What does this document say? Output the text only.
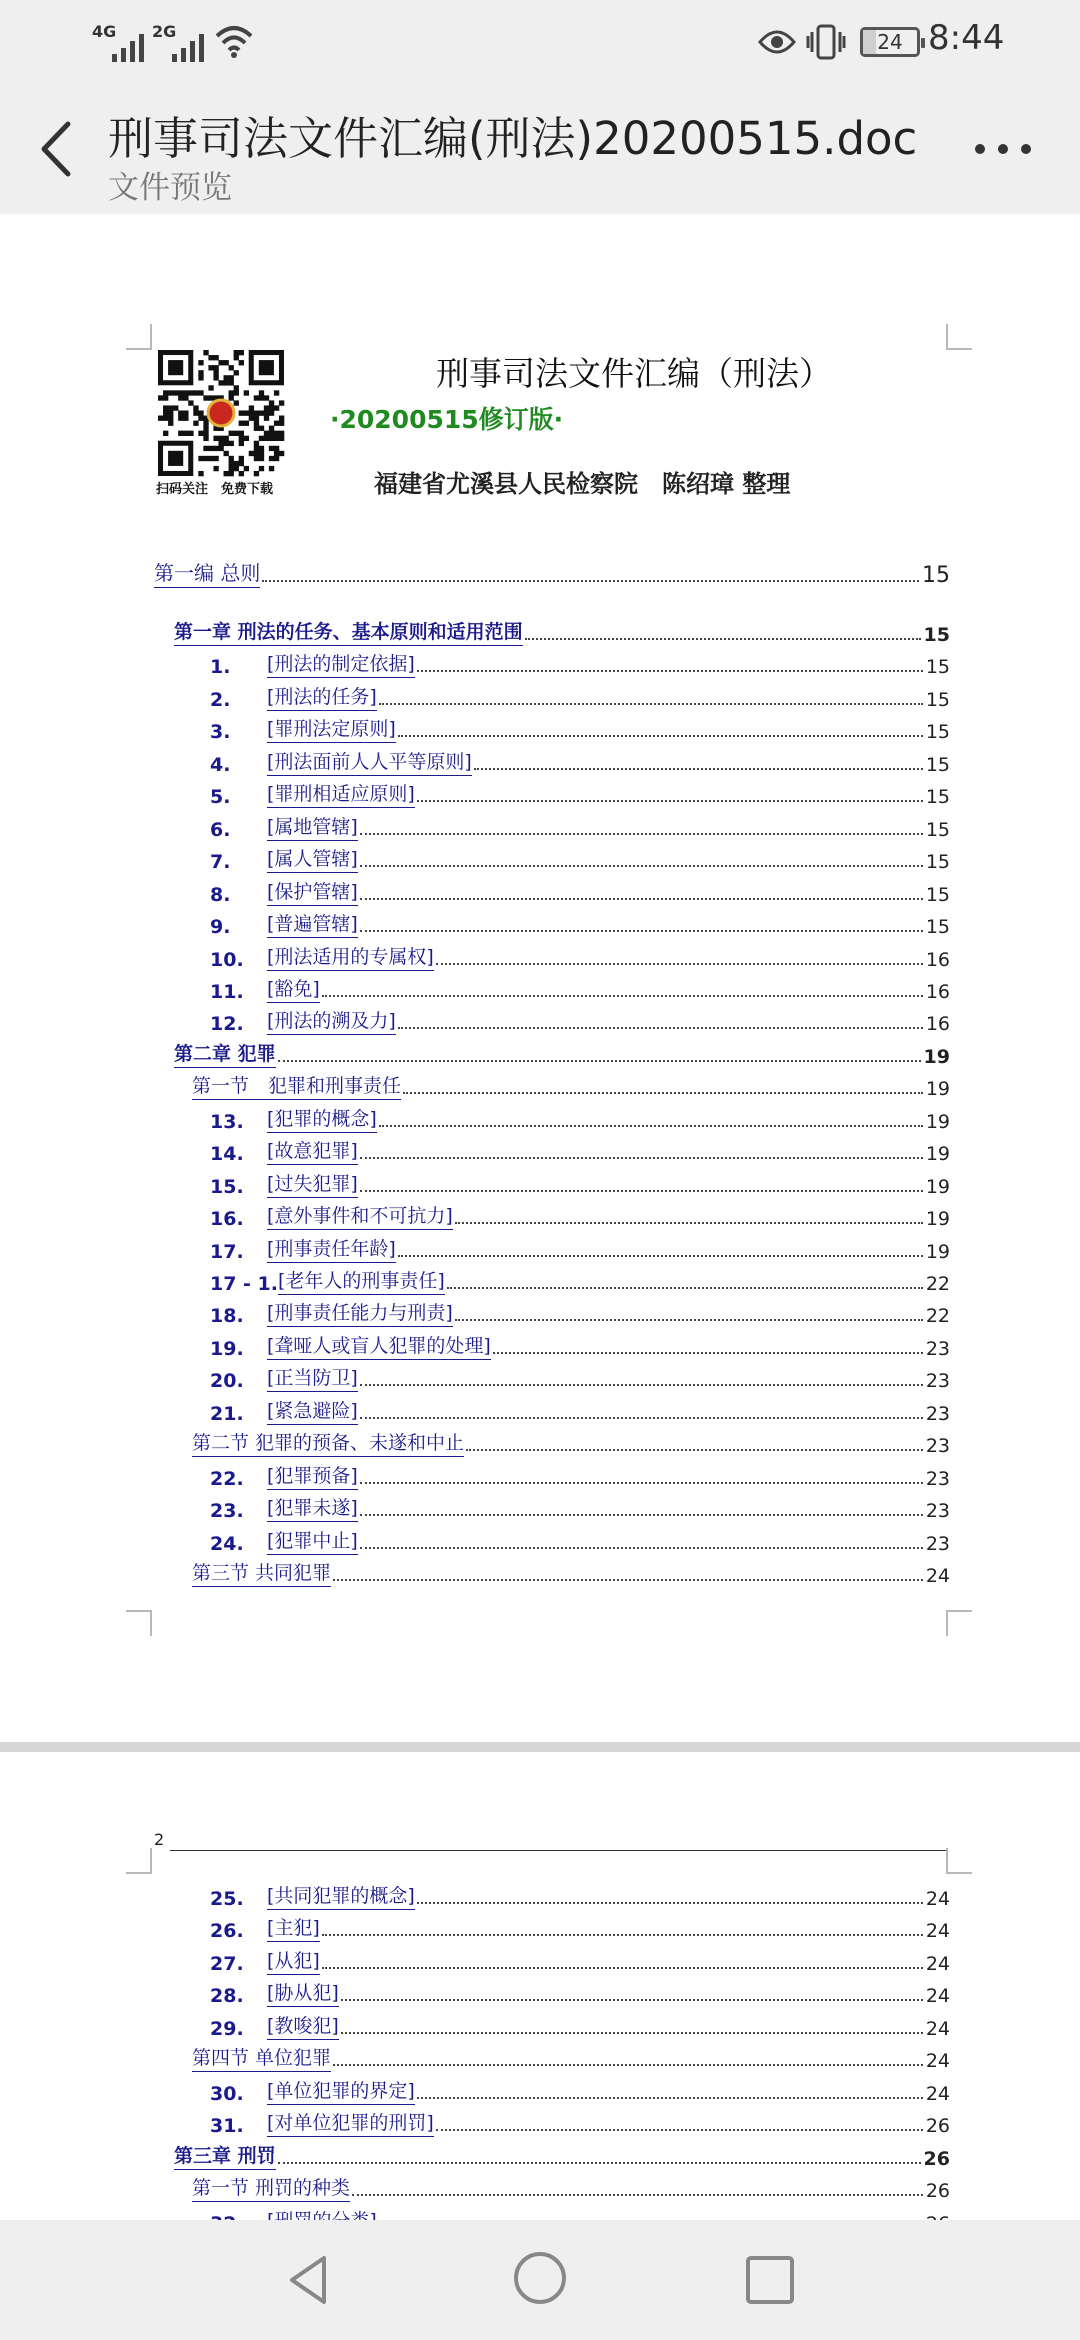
4G 2G	24 8:44
刑事司法文件汇编(刑法)20200515.doc
文件预览
扫码关注　免费下载
刑事司法文件汇编（刑法）
·20200515修订版·
福建省尤溪县人民检察院　陈绍璋 整理
第一编 总则	15
第一章 刑法的任务、基本原则和适用范围	15
1.	[刑法的制定依据]	15
2.	[刑法的任务]	15
3.	[罪刑法定原则]	15
4.	[刑法面前人人平等原则]	15
5.	[罪刑相适应原则]	15
6.	[属地管辖]	15
7.	[属人管辖]	15
8.	[保护管辖]	15
9.	[普遍管辖]	15
10.	[刑法适用的专属权]	16
11.	[豁免]	16
12.	[刑法的溯及力]	16
第二章 犯罪	19
第一节　犯罪和刑事责任	19
13.	[犯罪的概念]	19
14.	[故意犯罪]	19
15.	[过失犯罪]	19
16.	[意外事件和不可抗力]	19
17.	[刑事责任年龄]	19
17 - 1. [老年人的刑事责任]	22
18.	[刑事责任能力与刑责]	22
19.	[聋哑人或盲人犯罪的处理]	23
20.	[正当防卫]	23
21.	[紧急避险]	23
第二节 犯罪的预备、未遂和中止	23
22.	[犯罪预备]	23
23.	[犯罪未遂]	23
24.	[犯罪中止]	23
第三节 共同犯罪	24
2
25.	[共同犯罪的概念]	24
26.	[主犯]	24
27.	[从犯]	24
28.	[胁从犯]	24
29.	[教唆犯]	24
第四节 单位犯罪	24
30.	[单位犯罪的界定]	24
31.	[对单位犯罪的刑罚]	26
第三章 刑罚	26
第一节 刑罚的种类	26
